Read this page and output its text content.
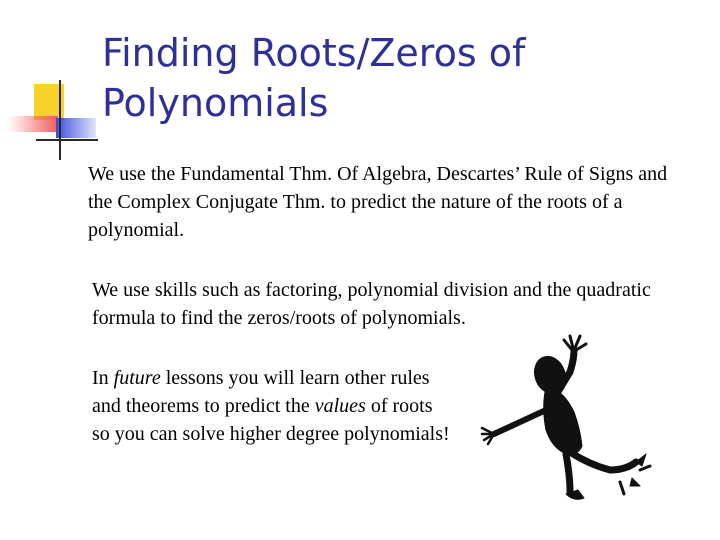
Finding Roots/Zeros of Polynomials

We use the Fundamental Thm. Of Algebra, Descartes’ Rule of Signs and the Complex Conjugate Thm. to predict the nature of the roots of a polynomial.

We use skills such as factoring, polynomial division and the quadratic formula to find the zeros/roots of polynomials.

In future lessons you will learn other rules and theorems to predict the values of roots so you can solve higher degree polynomials!
